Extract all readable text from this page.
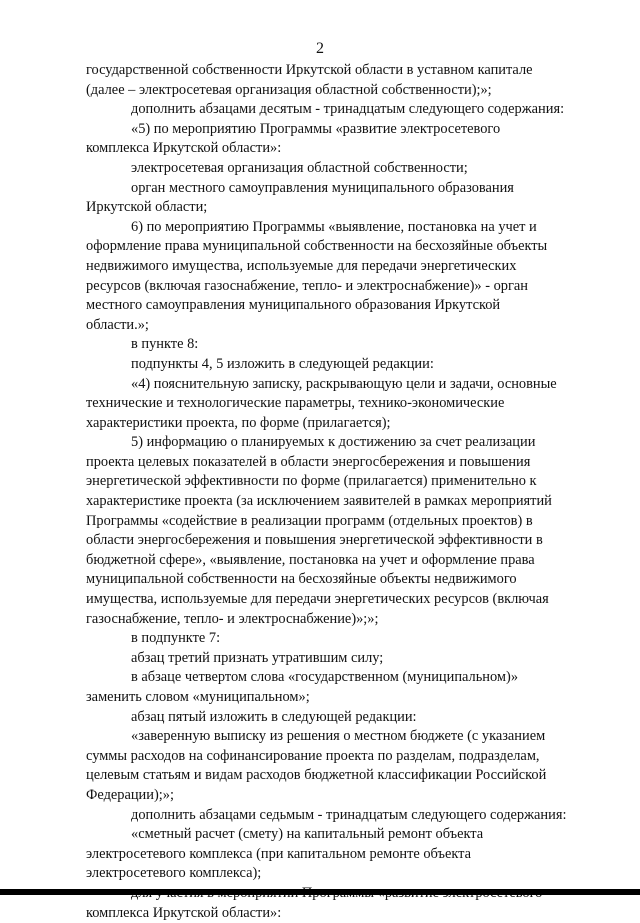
2

государственной собственности Иркутской области в уставном капитале
(далее – электросетевая организация областной собственности);»;

дополнить абзацами десятым - тринадцатым следующего содержания:

«5) по мероприятию Программы «развитие электросетевого
комплекса Иркутской области»:

электросетевая организация областной собственности;

орган местного самоуправления муниципального образования
Иркутской области;

6) по мероприятию Программы «выявление, постановка на учет и
оформление права муниципальной собственности на бесхозяйные объекты
недвижимого имущества, используемые для передачи энергетических
ресурсов (включая газоснабжение, тепло- и электроснабжение)» - орган
местного самоуправления муниципального образования Иркутской
области.»;

в пункте 8:

подпункты 4, 5 изложить в следующей редакции:

«4) пояснительную записку, раскрывающую цели и задачи, основные
технические и технологические параметры, технико-экономические
характеристики проекта, по форме (прилагается);

5) информацию о планируемых к достижению за счет реализации
проекта целевых показателей в области энергосбережения и повышения
энергетической эффективности по форме (прилагается) применительно к
характеристике проекта (за исключением заявителей в рамках мероприятий
Программы «содействие в реализации программ (отдельных проектов) в
области энергосбережения и повышения энергетической эффективности в
бюджетной сфере», «выявление, постановка на учет и оформление права
муниципальной собственности на бесхозяйные объекты недвижимого
имущества, используемые для передачи энергетических ресурсов (включая
газоснабжение, тепло- и электроснабжение)»;»;

в подпункте 7:

абзац третий признать утратившим силу;

в абзаце четвертом слова «государственном (муниципальном)»
заменить словом «муниципальном»;

абзац пятый изложить в следующей редакции:

«заверенную выписку из решения о местном бюджете (с указанием
суммы расходов на софинансирование проекта по разделам, подразделам,
целевым статьям и видам расходов бюджетной классификации Российской
Федерации);»;

дополнить абзацами седьмым - тринадцатым следующего содержания:

«сметный расчет (смету) на капитальный ремонт объекта
электросетевого комплекса (при капитальном ремонте объекта
электросетевого комплекса);

комплекса Иркутской области»:
